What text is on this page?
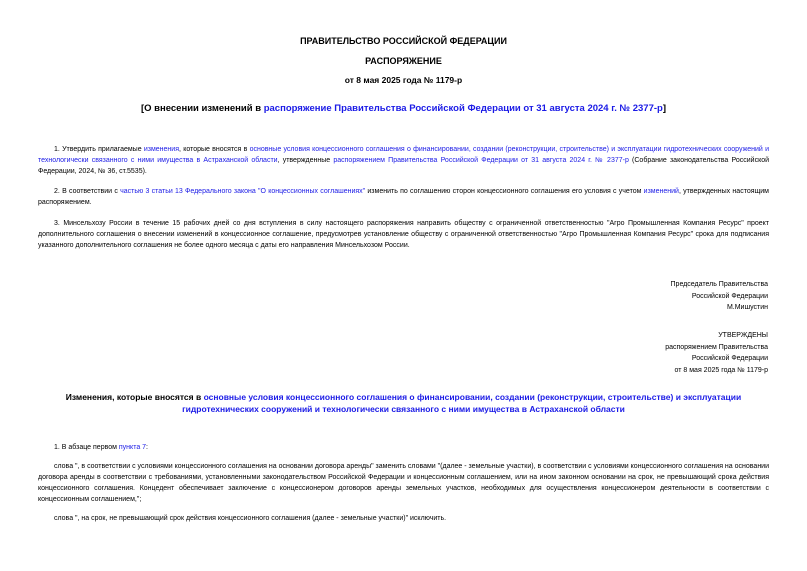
ПРАВИТЕЛЬСТВО РОССИЙСКОЙ ФЕДЕРАЦИИ
РАСПОРЯЖЕНИЕ
от 8 мая 2025 года № 1179-р
[О внесении изменений в распоряжение Правительства Российской Федерации от 31 августа 2024 г. № 2377-р]
1. Утвердить прилагаемые изменения, которые вносятся в основные условия концессионного соглашения о финансировании, создании (реконструкции, строительстве) и эксплуатации гидротехнических сооружений и технологически связанного с ними имущества в Астраханской области, утвержденные распоряжением Правительства Российской Федерации от 31 августа 2024 г. № 2377-р (Собрание законодательства Российской Федерации, 2024, № 36, ст.5535).
2. В соответствии с частью 3 статьи 13 Федерального закона "О концессионных соглашениях" изменить по соглашению сторон концессионного соглашения его условия с учетом изменений, утвержденных настоящим распоряжением.
3. Минсельхозу России в течение 15 рабочих дней со дня вступления в силу настоящего распоряжения направить обществу с ограниченной ответственностью "Агро Промышленная Компания Ресурс" проект дополнительного соглашения о внесении изменений в концессионное соглашение, предусмотрев установление обществу с ограниченной ответственностью "Агро Промышленная Компания Ресурс" срока для подписания указанного дополнительного соглашения не более одного месяца с даты его направления Минсельхозом России.
Председатель Правительства
Российской Федерации
М.Мишустин
УТВЕРЖДЕНЫ
распоряжением Правительства
Российской Федерации
от 8 мая 2025 года № 1179-р
Изменения, которые вносятся в основные условия концессионного соглашения о финансировании, создании (реконструкции, строительстве) и эксплуатации гидротехнических сооружений и технологически связанного с ними имущества в Астраханской области
1. В абзаце первом пункта 7:
слова ", в соответствии с условиями концессионного соглашения на основании договора аренды" заменить словами "(далее - земельные участки), в соответствии с условиями концессионного соглашения на основании договора аренды в соответствии с требованиями, установленными законодательством Российской Федерации и концессионным соглашением, или на ином законном основании на срок, не превышающий срока действия концессионного соглашения. Концедент обеспечивает заключение с концессионером договоров аренды земельных участков, необходимых для осуществления концессионером деятельности в соответствии с концессионным соглашением,";
слова ", на срок, не превышающий срок действия концессионного соглашения (далее - земельные участки)" исключить.
